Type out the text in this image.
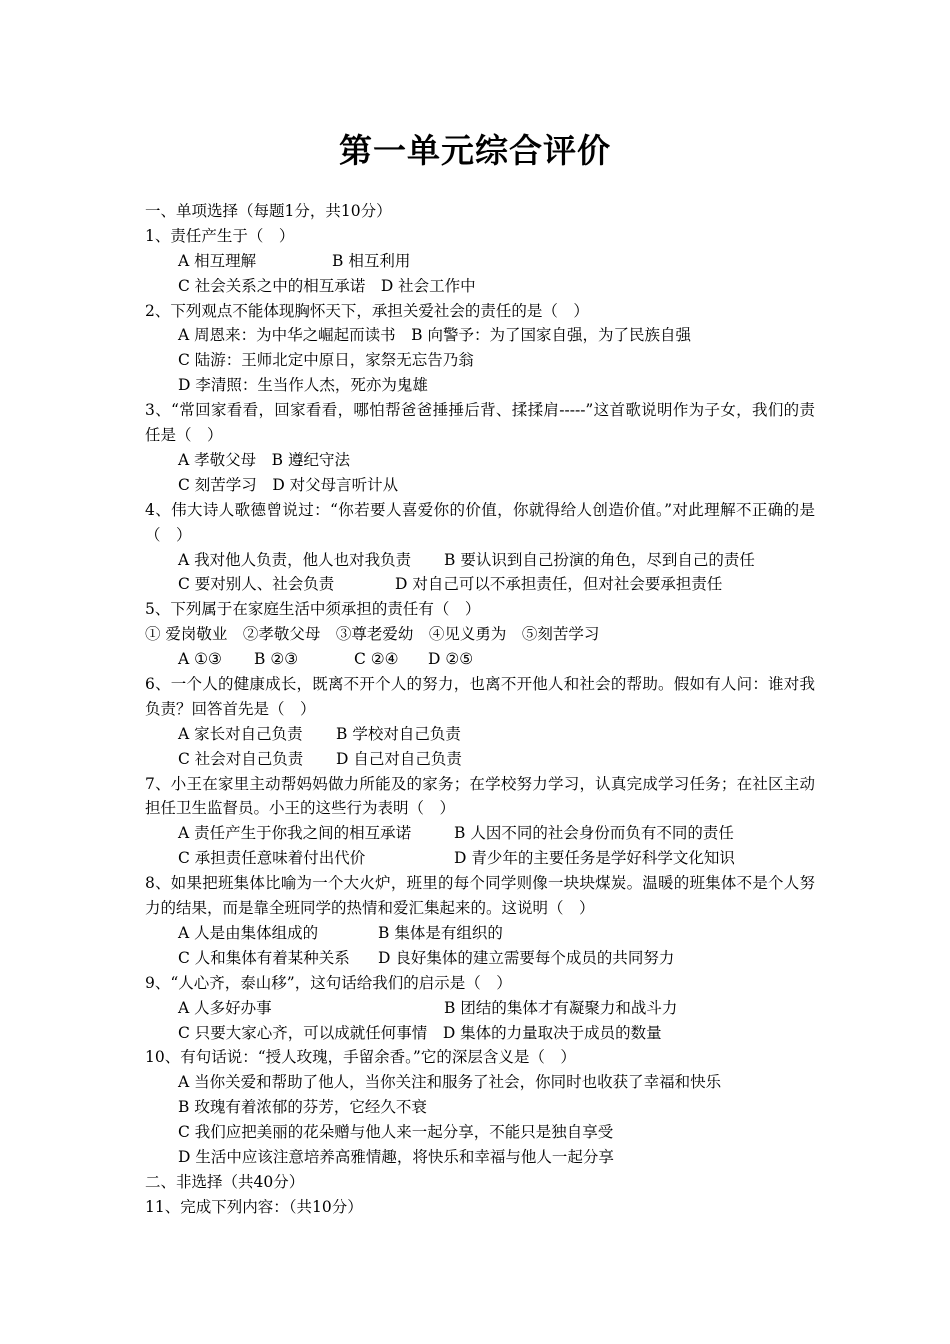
第一单元综合评价
一、单项选择（每题1分，共10分）
1、责任产生于（　）
A 相互理解	B 相互利用
C 社会关系之中的相互承诺　 D 社会工作中
2、下列观点不能体现胸怀天下，承担关爱社会的责任的是（　）
A 周恩来：为中华之崛起而读书　 B 向警予：为了国家自强，为了民族自强
C 陆游：王师北定中原日，家祭无忘告乃翁
D 李清照：生当作人杰，死亦为鬼雄
3、“常回家看看，回家看看，哪怕帮爸爸捶捶后背、揉揉肩-----”这首歌说明作为子女，我们的责任是（　）
A 孝敬父母　 B 遵纪守法
C 刻苦学习　 D 对父母言听计从
4、伟大诗人歌德曾说过：“你若要人喜爱你的价值，你就得给人创造价值。”对此理解不正确的是（　）
A 我对他人负责，他人也对我负责 B 要认识到自己扮演的角色，尽到自己的责任
C 要对别人、社会负责	D 对自己可以不承担责任，但对社会要承担责任
5、下列属于在家庭生活中须承担的责任有（　）
① 爱岗敬业　②孝敬父母　③尊老爱幼　④见义勇为　⑤刻苦学习
A ①③ B ②③	C ②④ D ②⑤
6、一个人的健康成长，既离不开个人的努力，也离不开他人和社会的帮助。假如有人问：谁对我负责？回答首先是（　）
A 家长对自己负责 B 学校对自己负责
C 社会对自己负责 D 自己对自己负责
7、小王在家里主动帮妈妈做力所能及的家务；在学校努力学习，认真完成学习任务；在社区主动担任卫生监督员。小王的这些行为表明（　）
A 责任产生于你我之间的相互承诺	B 人因不同的社会身份而负有不同的责任
C 承担责任意味着付出代价	D 青少年的主要任务是学好科学文化知识
8、如果把班集体比喻为一个大火炉，班里的每个同学则像一块块煤炭。温暖的班集体不是个人努力的结果，而是靠全班同学的热情和爱汇集起来的。这说明（　）
A 人是由集体组成的	B 集体是有组织的
C 人和集体有着某种关系 D 良好集体的建立需要每个成员的共同努力
9、“人心齐，泰山移”，这句话给我们的启示是（　）
A 人多好办事	B 团结的集体才有凝聚力和战斗力
C 只要大家心齐，可以成就任何事情　 D 集体的力量取决于成员的数量
10、有句话说：“授人玫瑰，手留余香。”它的深层含义是（　）
A 当你关爱和帮助了他人，当你关注和服务了社会，你同时也收获了幸福和快乐
B 玫瑰有着浓郁的芬芳，它经久不衰
C 我们应把美丽的花朵赠与他人来一起分享，不能只是独自享受
D 生活中应该注意培养高雅情趣，将快乐和幸福与他人一起分享
二、非选择（共40分）
11、完成下列内容：（共10分）
